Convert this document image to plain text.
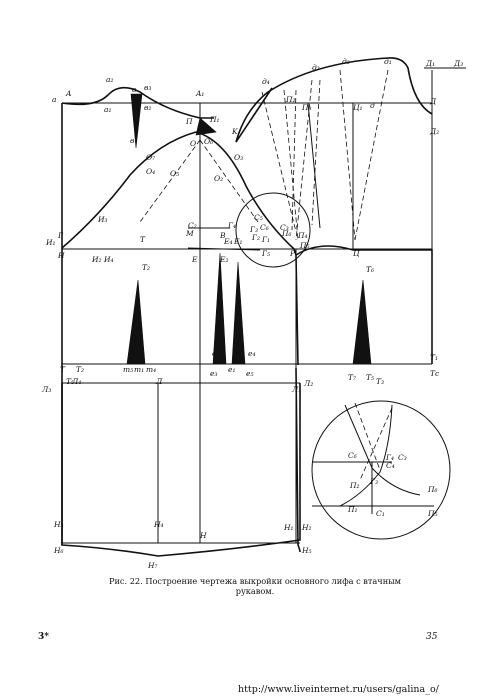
a
A
a₂
a₁
в
в₁
в₂
в₃
A₁
П П₁
O O₆
O₇
O₄ O₅
O₂
O₃
K
д₄
д₂
д₃	д₁	Д₁
Д
Д₂
Д₃
д
П₂
П₃	Ц₁
Ц
И₃
И₁
Г
Н	И₂ И₄
Т
Т₂
М
С₂
Е
В
Г₄ Г₃
Г₂ Г₁
Е₄ Е₁
Е₂
С₆ С₃
П₆
Р
П₄
П₅
С₅
Г₅
Т₆
т₅ т₁ т₄	е₃
е₂
е₁ е₅
е₄
Л₃
Л
Л₁
Л₂
Л₄
Т
Т₅
Т₂
Т₇
Т₁
Т₃
Т₅	Тс
Н₃	Н₄
Н
Н₁ Н₂
Н₆
Н₇
Н₅
С₆
Г₃
П₂
Г₄ С₃
П₁ С₁	П₅
С₄
П₆
Рис. 22. Построение чертежа выкройки основного лифа с втачным
рукавом.
3*	35
http://www.liveinternet.ru/users/galina_o/
